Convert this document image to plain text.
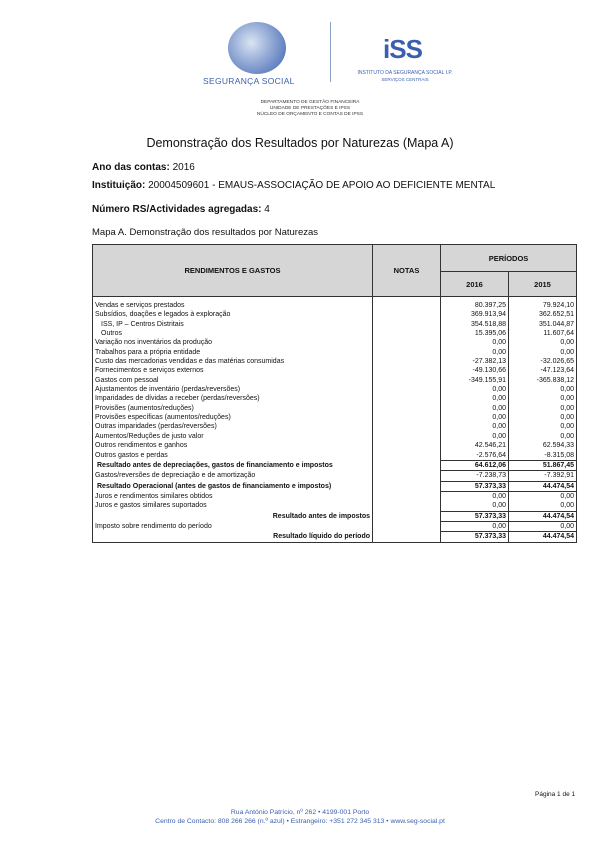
SEGURANÇA SOCIAL
iSS
INSTITUTO DA SEGURANÇA SOCIAL I.P.
SERVIÇOS CENTRAIS
DEPARTAMENTO DE GESTÃO FINANCEIRA
UNIDADE DE PRESTAÇÕES E IPSS
NÚCLEO DE ORÇAMENTO E CONTAS DE IPSS
Demonstração dos Resultados por Naturezas (Mapa A)
Ano das contas: 2016
Instituição: 20004509601 - EMAUS-ASSOCIAÇÃO DE APOIO AO DEFICIENTE MENTAL
Número RS/Actividades agregadas: 4
Mapa A. Demonstração dos resultados por Naturezas
RENDIMENTOS E GASTOS	NOTAS	PERÍODOS	
		2016	2015

Vendas e serviços prestados		80.397,25	79.924,10
Subsídios, doações e legados à exploração		369.913,94	362.652,51
ISS, IP – Centros Distritais		354.518,88	351.044,87
Outros		15.395,06	11.607,64
Variação nos inventários da produção		0,00	0,00
Trabalhos para a própria entidade		0,00	0,00
Custo das mercadorias vendidas e das matérias consumidas		-27.382,13	-32.026,65
Fornecimentos e serviços externos		-49.130,66	-47.123,64
Gastos com pessoal		-349.155,91	-365.838,12
Ajustamentos de inventário (perdas/reversões)		0,00	0,00
Imparidades de dívidas a receber (perdas/reversões)		0,00	0,00
Provisões (aumentos/reduções)		0,00	0,00
Provisões específicas (aumentos/reduções)		0,00	0,00
Outras imparidades (perdas/reversões)		0,00	0,00
Aumentos/Reduções de justo valor		0,00	0,00
Outros rendimentos e ganhos		42.546,21	62.594,33
Outros gastos e perdas		-2.576,64	-8.315,08
Resultado antes de depreciações, gastos de financiamento e impostos		64.612,06	51.867,45
Gastos/reversões de depreciação e de amortização		-7.238,73	-7.392,91
Resultado Operacional (antes de gastos de financiamento e impostos)		57.373,33	44.474,54
Juros e rendimentos similares obtidos		0,00	0,00
Juros e gastos similares suportados		0,00	0,00
Resultado antes de impostos		57.373,33	44.474,54
Imposto sobre rendimento do período		0,00	0,00
Resultado líquido do período		57.373,33	44.474,54
Página 1 de 1
Rua António Patrício, nº 262 • 4199-001 Porto
Centro de Contacto: 808 266 266 (n.º azul) • Estrangeiro: +351 272 345 313 • www.seg-social.pt
